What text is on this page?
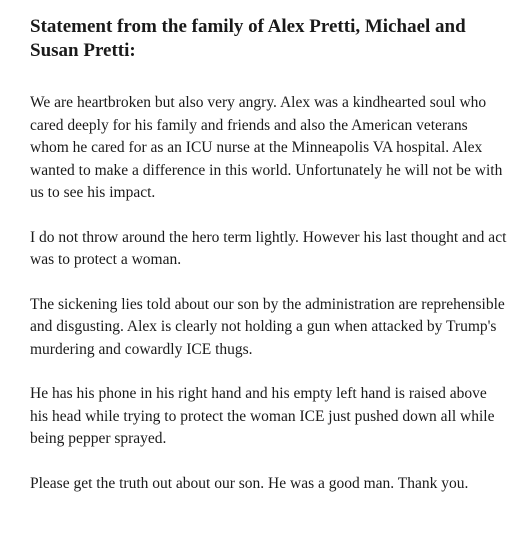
Statement from the family of Alex Pretti, Michael and Susan Pretti:

We are heartbroken but also very angry. Alex was a kindhearted soul who cared deeply for his family and friends and also the American veterans whom he cared for as an ICU nurse at the Minneapolis VA hospital. Alex wanted to make a difference in this world. Unfortunately he will not be with us to see his impact.

I do not throw around the hero term lightly. However his last thought and act was to protect a woman.

The sickening lies told about our son by the administration are reprehensible and disgusting. Alex is clearly not holding a gun when attacked by Trump's murdering and cowardly ICE thugs.

He has his phone in his right hand and his empty left hand is raised above his head while trying to protect the woman ICE just pushed down all while being pepper sprayed.

Please get the truth out about our son. He was a good man. Thank you.
